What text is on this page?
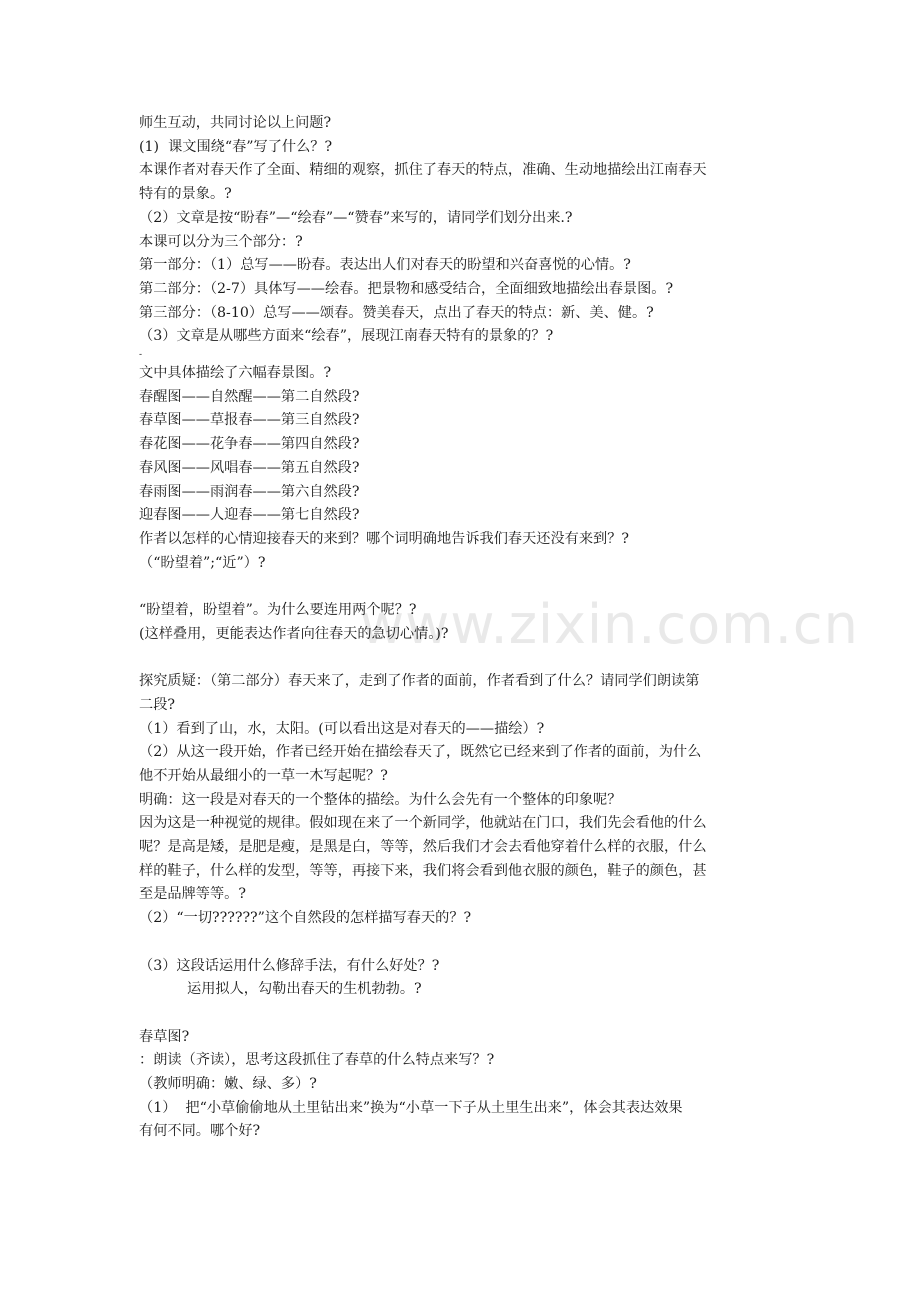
www.zixin.com.cn

师生互动，共同讨论以上问题?

(1)  课文围绕“春”写了什么？?

本课作者对春天作了全面、精细的观察，抓住了春天的特点，准确、生动地描绘出江南春天

特有的景象。?

（2）文章是按“盼春”—“绘春”—“赞春”来写的，请同学们划分出来.?

本课可以分为三个部分：?

第一部分：（1）总写——盼春。表达出人们对春天的盼望和兴奋喜悦的心情。?

第二部分：（2-7）具体写——绘春。把景物和感受结合，全面细致地描绘出春景图。?

第三部分：（8-10）总写——颂春。赞美春天，点出了春天的特点：新、美、健。?

（3）文章是从哪些方面来“绘春”，展现江南春天特有的景象的？?

-

文中具体描绘了六幅春景图。?

春醒图——自然醒——第二自然段?

春草图——草报春——第三自然段?

春花图——花争春——第四自然段?

春风图——风唱春——第五自然段?

春雨图——雨润春——第六自然段?

迎春图——人迎春——第七自然段?

作者以怎样的心情迎接春天的来到？哪个词明确地告诉我们春天还没有来到？?

（“盼望着”;“近”）?

“盼望着，盼望着”。为什么要连用两个呢？?

(这样叠用，更能表达作者向往春天的急切心情。)?

探究质疑：（第二部分）春天来了，走到了作者的面前，作者看到了什么？请同学们朗读第

二段?

（1）看到了山，水，太阳。(可以看出这是对春天的——描绘）?

（2）从这一段开始，作者已经开始在描绘春天了，既然它已经来到了作者的面前，为什么

他不开始从最细小的一草一木写起呢？?

明确：这一段是对春天的一个整体的描绘。为什么会先有一个整体的印象呢？

因为这是一种视觉的规律。假如现在来了一个新同学，他就站在门口，我们先会看他的什么

呢？是高是矮，是肥是瘦，是黑是白，等等，然后我们才会去看他穿着什么样的衣服，什么

样的鞋子，什么样的发型，等等，再接下来，我们将会看到他衣服的颜色，鞋子的颜色，甚

至是品牌等等。?

（2）“一切??????”这个自然段的怎样描写春天的？?

（3）这段话运用什么修辞手法，有什么好处？?

运用拟人，勾勒出春天的生机勃勃。?

春草图?

：朗读（齐读），思考这段抓住了春草的什么特点来写？?

（教师明确：嫩、绿、多）?

（1）  把“小草偷偷地从土里钻出来”换为“小草一下子从土里生出来”，体会其表达效果

有何不同。哪个好?
